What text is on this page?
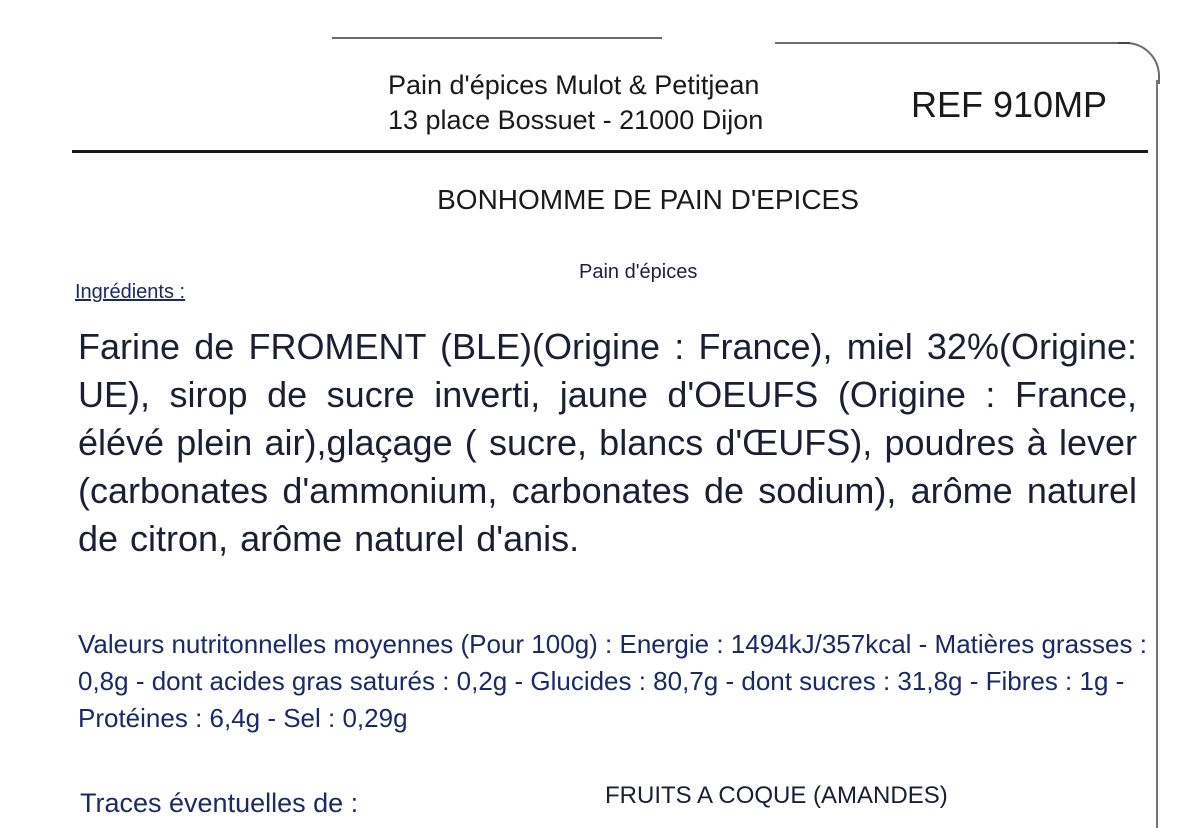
Pain d'épices Mulot & Petitjean
13 place Bossuet - 21000 Dijon	REF 910MP
BONHOMME DE PAIN D'EPICES
Pain d'épices
Ingrédients :
Farine de FROMENT (BLE)(Origine : France), miel 32%(Origine: UE), sirop de sucre inverti, jaune d'OEUFS (Origine : France, élévé plein air),glaçage ( sucre, blancs d'ŒUFS), poudres à lever (carbonates d'ammonium, carbonates de sodium), arôme naturel de citron, arôme naturel d'anis.
Valeurs nutritonnelles moyennes (Pour 100g) : Energie : 1494kJ/357kcal - Matières grasses : 0,8g - dont acides gras saturés : 0,2g - Glucides : 80,7g - dont sucres : 31,8g - Fibres : 1g - Protéines : 6,4g - Sel : 0,29g
Traces éventuelles de :	FRUITS A COQUE (AMANDES)
